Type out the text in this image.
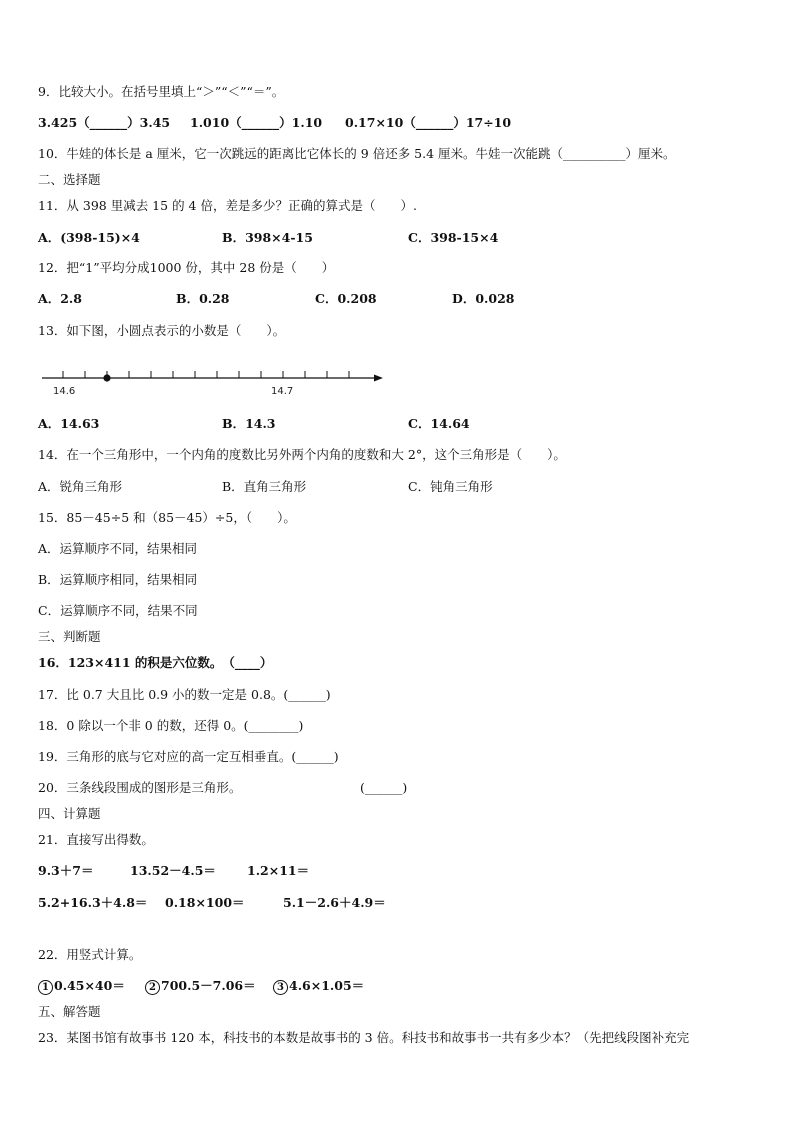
9．比较大小。在括号里填上“＞”“＜”“＝”。
3.425（______）3.45 1.010（______）1.10 0.17×10（______）17÷10
10．牛娃的体长是 a 厘米，它一次跳远的距离比它体长的 9 倍还多 5.4 厘米。牛娃一次能跳（__________）厘米。
二、选择题
11．从 398 里减去 15 的 4 倍，差是多少？正确的算式是（　　）.
A．(398-15)×4	B．398×4-15	C．398-15×4
12．把“1”平均分成1000 份，其中 28 份是（　　）
A．2.8	B．0.28	C．0.208	D．0.028
13．如下图，小圆点表示的小数是（　　）。
14.6	14.7
A．14.63	B．14.3	C．14.64
14．在一个三角形中，一个内角的度数比另外两个内角的度数和大 2°，这个三角形是（　　）。
A．锐角三角形	B．直角三角形	C．钝角三角形
15．85－45÷5 和（85－45）÷5，（　　）。
A．运算顺序不同，结果相同
B．运算顺序相同，结果相同
C．运算顺序不同，结果不同
三、判断题
16．123×411 的积是六位数。　（____）
17．比 0.7 大且比 0.9 小的数一定是 0.8。(______)
18．0 除以一个非 0 的数，还得 0。(________)
19．三角形的底与它对应的高一定互相垂直。(______)
20．三条线段围成的图形是三角形。	(______)
四、计算题
21．直接写出得数。
9.3＋7＝	13.52－4.5＝ 1.2×11＝
5.2+16.3＋4.8＝ 0.18×100＝	5.1－2.6＋4.9＝
22．用竖式计算。
1 0.45×40＝	2 700.5－7.06＝	3 4.6×1.05＝
五、解答题
23．某图书馆有故事书 120 本，科技书的本数是故事书的 3 倍。科技书和故事书一共有多少本？（先把线段图补充完
